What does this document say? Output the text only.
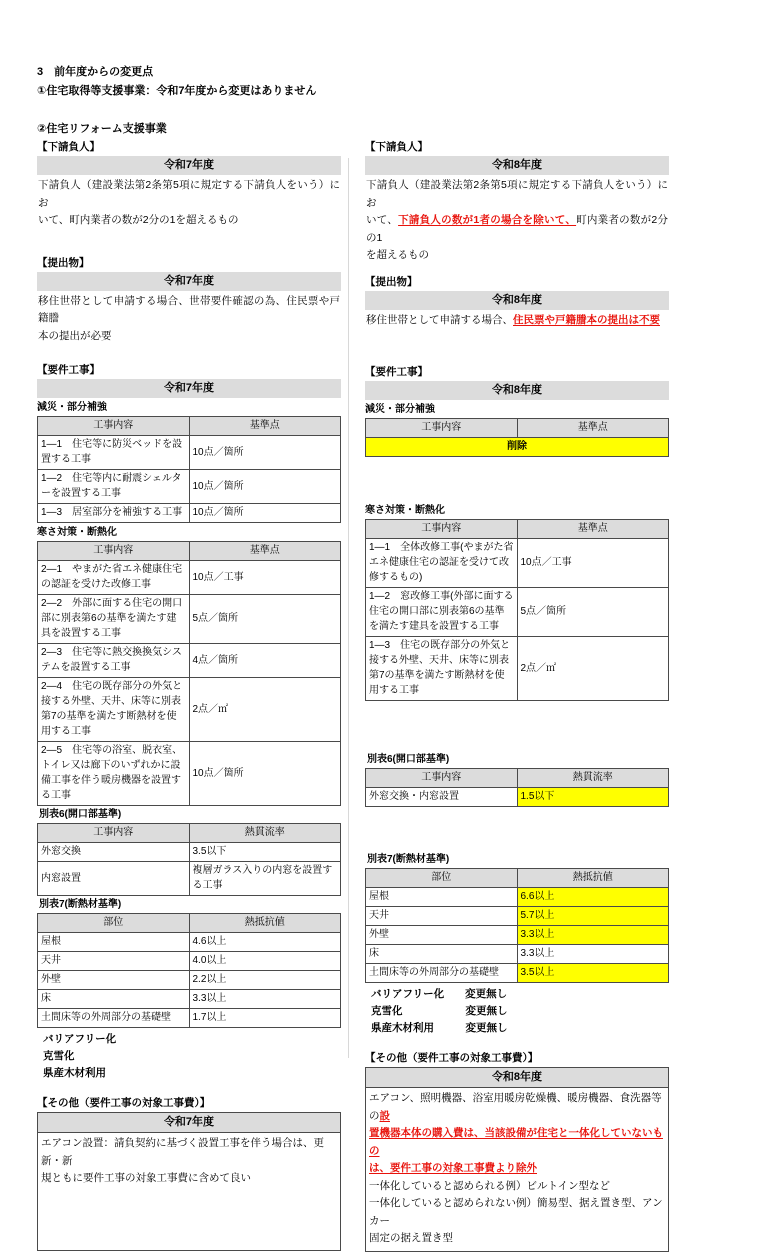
3　 前年度からの変更点
①住宅取得等支援事業：令和7年度から変更はありません
②住宅リフォーム支援事業
【下請負人】
令和7年度
下請負人（建設業法第2条第5項に規定する下請負人をいう）にお
いて、町内業者の数が2分の1を超えるもの
【提出物】
令和7年度
移住世帯として申請する場合、世帯要件確認の為、住民票や戸籍謄
本の提出が必要
【要件工事】
令和7年度
減災・部分補強
工事内容	基準点
1―1　住宅等に防災ベッドを設置する工事	10点／箇所
1―2　住宅等内に耐震シェルターを設置する工事	10点／箇所
1―3　居室部分を補強する工事	10点／箇所
寒さ対策・断熱化
工事内容	基準点
2―1　やまがた省エネ健康住宅の認証を受けた改修工事	10点／工事
2―2　外部に面する住宅の開口部に別表第6の基準を満たす建具を設置する工事	5点／箇所
2―3　住宅等に熱交換換気システムを設置する工事	4点／箇所
2―4　住宅の既存部分の外気と接する外壁、天井、床等に別表第7の基準を満たす断熱材を使用する工事	2点／㎡
2―5　住宅等の浴室、脱衣室、トイレ又は廊下のいずれかに設備工事を伴う暖房機器を設置する工事	10点／箇所
別表6(開口部基準)
工事内容	熱貫流率
外窓交換	3.5以下
内窓設置	複層ガラス入りの内窓を設置する工事
別表7(断熱材基準)
部位	熱抵抗値
屋根	4.6以上
天井	4.0以上
外壁	2.2以上
床	3.3以上
土間床等の外周部分の基礎壁	1.7以上
バリアフリー化
克雪化
県産木材利用
【その他（要件工事の対象工事費）】
令和7年度
エアコン設置：請負契約に基づく設置工事を伴う場合は、更新・新
規ともに要件工事の対象工事費に含めて良い
【下請負人】
令和8年度
下請負人（建設業法第2条第5項に規定する下請負人をいう）にお
いて、下請負人の数が1者の場合を除いて、町内業者の数が2分の1
を超えるもの
【提出物】
令和8年度
移住世帯として申請する場合、住民票や戸籍謄本の提出は不要
【要件工事】
令和8年度
減災・部分補強
工事内容	基準点
削除
寒さ対策・断熱化
工事内容	基準点
1―1　全体改修工事(やまがた省エネ健康住宅の認証を受けて改修するもの)	10点／工事
1―2　窓改修工事(外部に面する住宅の開口部に別表第6の基準を満たす建具を設置する工事	5点／箇所
1―3　住宅の既存部分の外気と接する外壁、天井、床等に別表第7の基準を満たす断熱材を使用する工事	2点／㎡
別表6(開口部基準)
工事内容	熱貫流率
外窓交換・内窓設置	1.5以下
別表7(断熱材基準)
部位	熱抵抗値
屋根	6.6以上
天井	5.7以上
外壁	3.3以上
床	3.3以上
土間床等の外周部分の基礎壁	3.5以上
バリアフリー化　　変更無し
克雪化　　　　　　変更無し
県産木材利用　　　変更無し
【その他（要件工事の対象工事費）】
令和8年度
エアコン、照明機器、浴室用暖房乾燥機、暖房機器、食洗器等の設
置機器本体の購入費は、当該設備が住宅と一体化していないもの
は、要件工事の対象工事費より除外
一体化していると認められる例）ビルトイン型など
一体化していると認められない例）簡易型、据え置き型、アンカー
固定の据え置き型
